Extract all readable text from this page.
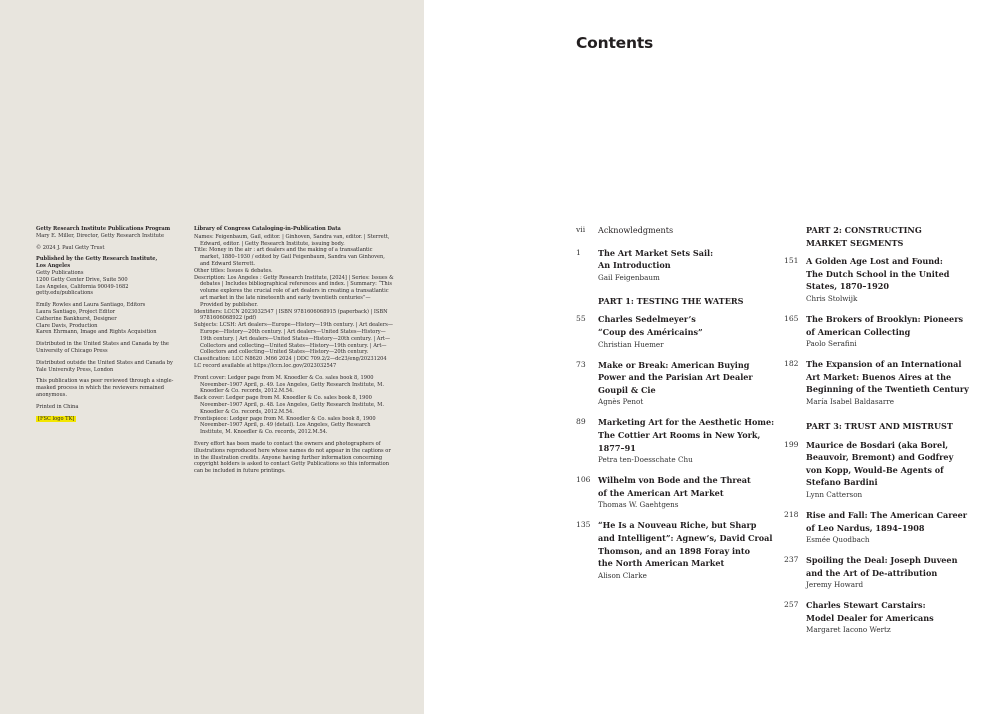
Getty Research Institute Publications Program
Mary E. Miller, Director, Getty Research Institute

© 2024 J. Paul Getty Trust

Published by the Getty Research Institute,
Los Angeles
Getty Publications
1200 Getty Center Drive, Suite 500
Los Angeles, California 90049-1682
getty.edu/publications

Emily Rowles and Laura Santiago, Editors
Laura Santiago, Project Editor
Catherine Bankhurst, Designer
Clare Davis, Production
Karen Ehrmann, Image and Rights Acquisition

Distributed in the United States and Canada by the University of Chicago Press

Distributed outside the United States and Canada by Yale University Press, London

This publication was peer reviewed through a single-masked process in which the reviewers remained anonymous.

Printed in China

[FSC logo TK]

Library of Congress Cataloging-in-Publication Data

Names: Feigenbaum, Gail, editor. | Ginhoven, Sandra van, editor. | Sterrett, Edward, editor. | Getty Research Institute, issuing body.
Title: Money in the air : art dealers and the making of a transatlantic market, 1880–1930 / edited by Gail Feigenbaum, Sandra van Ginhoven, and Edward Sterrett.
Other titles: Issues & debates.
Description: Los Angeles : Getty Research Institute, [2024] | Series: Issues & debates | Includes bibliographical references and index. | Summary: “This volume explores the crucial role of art dealers in creating a transatlantic art market in the late nineteenth and early twentieth centuries”— Provided by publisher.
Identifiers: LCCN 2023032547 | ISBN 9781606068915 (paperback) | ISBN 9781606068922 (pdf)
Subjects: LCSH: Art dealers—Europe—History—19th century. | Art dealers—Europe—History—20th century. | Art dealers—United States—History—19th century. | Art dealers—United States—History—20th century. | Art—Collectors and collecting—United States—History—19th century. | Art—Collectors and collecting—United States—History—20th century.
Classification: LCC N8620 .M66 2024 | DDC 709.2/2—dc23/eng/20231204
LC record available at https://lccn.loc.gov/2023032547

Front cover: Ledger page from M. Knoedler & Co. sales book 8, 1900 November–1907 April, p. 49. Los Angeles, Getty Research Institute, M. Knoedler & Co. records, 2012.M.54.
Back cover: Ledger page from M. Knoedler & Co. sales book 8, 1900 November–1907 April, p. 48. Los Angeles, Getty Research Institute, M. Knoedler & Co. records, 2012.M.54.
Frontispiece: Ledger page from M. Knoedler & Co. sales book 8, 1900 November–1907 April, p. 49 (detail). Los Angeles, Getty Research Institute, M. Knoedler & Co. records, 2012.M.54.

Every effort has been made to contact the owners and photographers of illustrations reproduced here whose names do not appear in the captions or in the illustration credits. Anyone having further information concerning copyright holders is asked to contact Getty Publications so this information can be included in future printings.

Contents
vii Acknowledgments
1 The Art Market Sets Sail:
An Introduction
Gail Feigenbaum
PART 1: TESTING THE WATERS
55 Charles Sedelmeyer’s
“Coup des Américains”
Christian Huemer
73 Make or Break: American Buying
Power and the Parisian Art Dealer
Goupil & Cie
Agnès Penot
89 Marketing Art for the Aesthetic Home:
The Cottier Art Rooms in New York,
1877–91
Petra ten-Doesschate Chu
106 Wilhelm von Bode and the Threat
of the American Art Market
Thomas W. Gaehtgens
135 “He Is a Nouveau Riche, but Sharp
and Intelligent”: Agnew’s, David Croal
Thomson, and an 1898 Foray into
the North American Market
Alison Clarke
PART 2: CONSTRUCTING
MARKET SEGMENTS
151 A Golden Age Lost and Found:
The Dutch School in the United
States, 1870–1920
Chris Stolwijk
165 The Brokers of Brooklyn: Pioneers
of American Collecting
Paolo Serafini
182 The Expansion of an International
Art Market: Buenos Aires at the
Beginning of the Twentieth Century
María Isabel Baldasarre
PART 3: TRUST AND MISTRUST
199 Maurice de Bosdari (aka Borel,
Beauvoir, Bremont) and Godfrey
von Kopp, Would-Be Agents of
Stefano Bardini
Lynn Catterson
218 Rise and Fall: The American Career
of Leo Nardus, 1894–1908
Esmée Quodbach
237 Spoiling the Deal: Joseph Duveen
and the Art of De-attribution
Jeremy Howard
257 Charles Stewart Carstairs:
Model Dealer for Americans
Margaret Iacono Wertz
